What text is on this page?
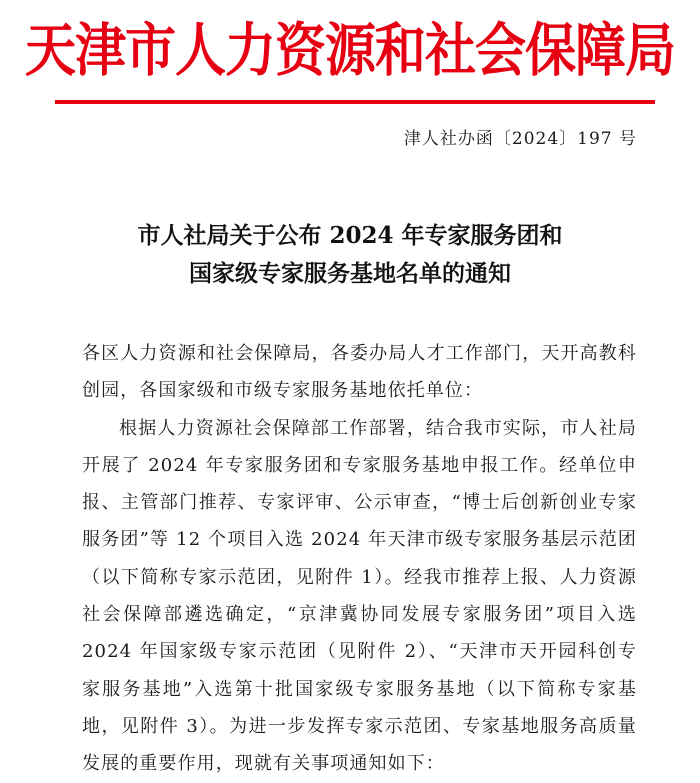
天津市人力资源和社会保障局
津人社办函〔2024〕197 号
市人社局关于公布 2024 年专家服务团和
国家级专家服务基地名单的通知

各区人力资源和社会保障局，各委办局人才工作部门，天开高教科创园，各国家级和市级专家服务基地依托单位：

根据人力资源社会保障部工作部署，结合我市实际，市人社局开展了 2024 年专家服务团和专家服务基地申报工作。经单位申报、主管部门推荐、专家评审、公示审查，“博士后创新创业专家服务团”等 12 个项目入选 2024 年天津市级专家服务基层示范团（以下简称专家示范团，见附件 1）。经我市推荐上报、人力资源社会保障部遴选确定，“京津冀协同发展专家服务团”项目入选 2024 年国家级专家示范团（见附件 2）、“天津市天开园科创专家服务基地”入选第十批国家级专家服务基地（以下简称专家基地，见附件 3）。为进一步发挥专家示范团、专家基地服务高质量发展的重要作用，现就有关事项通知如下：
